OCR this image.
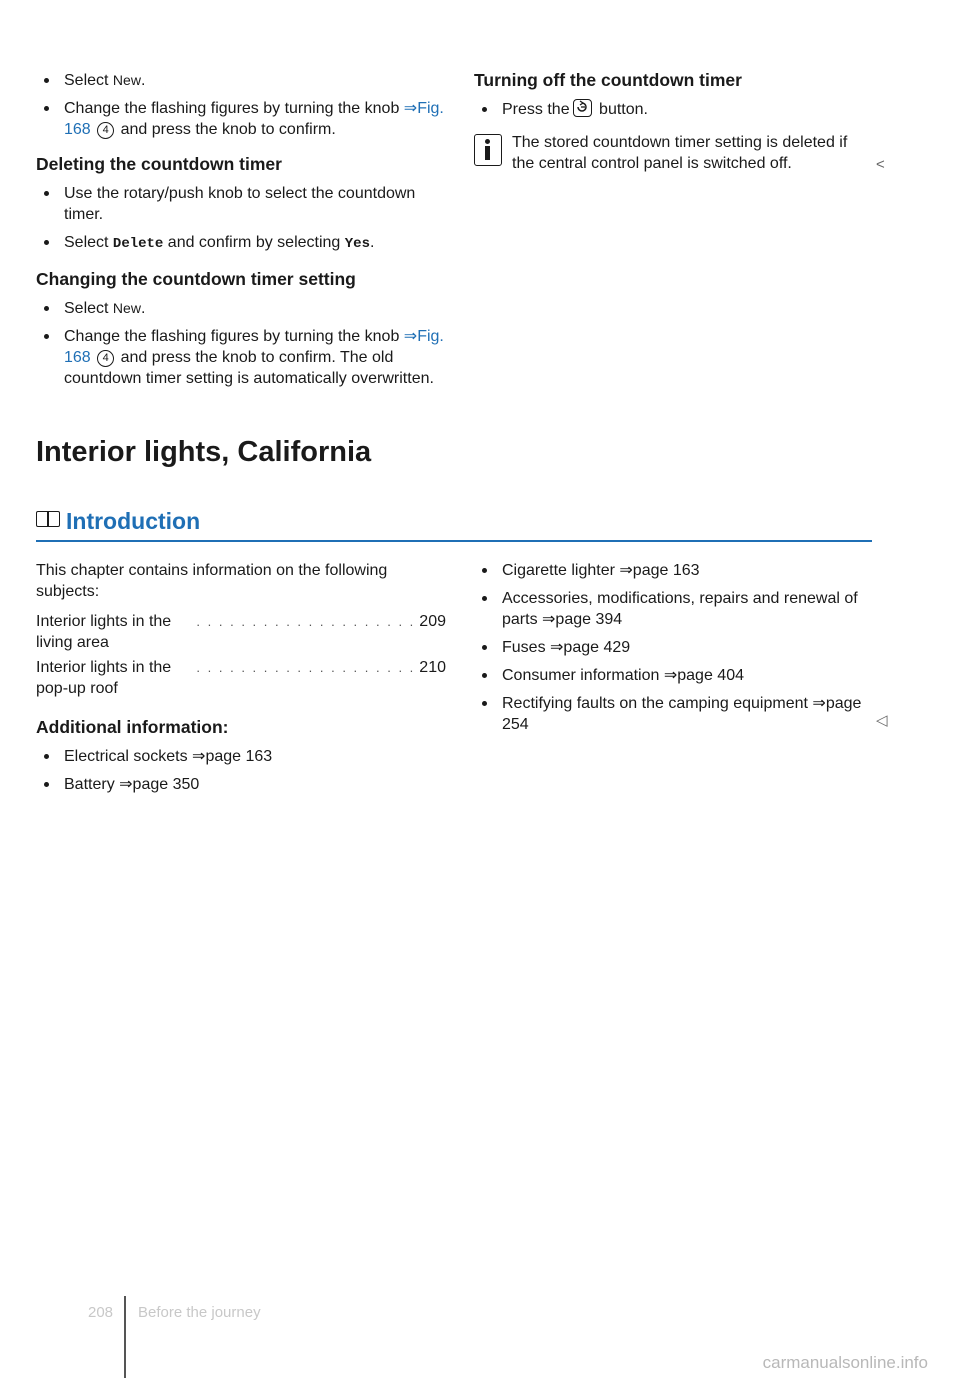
Select New.
Change the flashing figures by turning the knob ⇒Fig. 168 4 and press the knob to confirm.
Deleting the countdown timer
Use the rotary/push knob to select the countdown timer.
Select Delete and confirm by selecting Yes.
Changing the countdown timer setting
Select New.
Change the flashing figures by turning the knob ⇒Fig. 168 4 and press the knob to confirm. The old countdown timer setting is automatically overwritten.
Turning off the countdown timer
Press the
button.
The stored countdown timer setting is deleted if the central control panel is switched off.	<
Interior lights, California
Introduction
This chapter contains information on the following subjects:
Interior lights in the living area
. . . . . . . . . . . . . . . . . . . . 209
Interior lights in the pop-up roof
. . . . . . . . . . . . . . . . . . . . 210
Additional information:
Electrical sockets ⇒page 163
Battery ⇒page 350
Cigarette lighter ⇒page 163
Accessories, modifications, repairs and renewal of parts ⇒page 394
Fuses ⇒page 429
Consumer information ⇒page 404
Rectifying faults on the camping equipment ⇒page 254	◁
208 Before the journey
carmanualsonline.info
